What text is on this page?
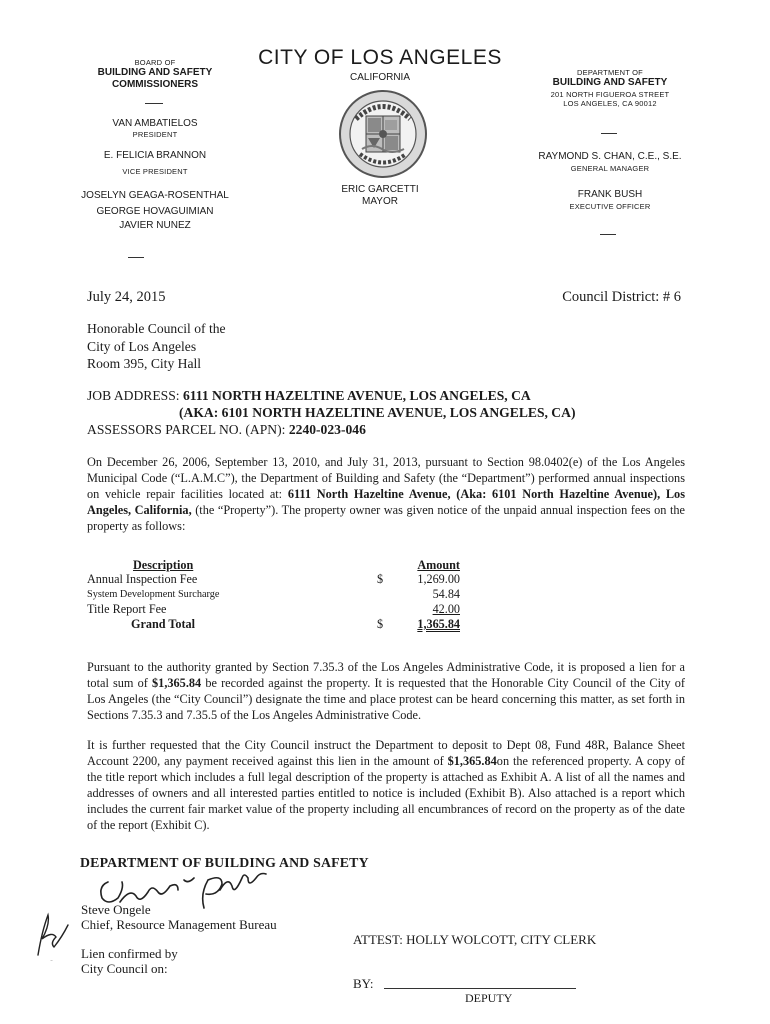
BOARD OF
BUILDING AND SAFETY
COMMISSIONERS
VAN AMBATIELOS
PRESIDENT
E. FELICIA BRANNON
VICE PRESIDENT
JOSELYN GEAGA-ROSENTHAL
GEORGE HOVAGUIMIAN
JAVIER NUNEZ
CITY OF LOS ANGELES
CALIFORNIA
ERIC GARCETTI
MAYOR
DEPARTMENT OF
BUILDING AND SAFETY
201 NORTH FIGUEROA STREET
LOS ANGELES, CA 90012
RAYMOND S. CHAN, C.E., S.E.
GENERAL MANAGER
FRANK BUSH
EXECUTIVE OFFICER
July 24, 2015	Council District: # 6
Honorable Council of the
City of Los Angeles
Room 395, City Hall
JOB ADDRESS: 6111 NORTH HAZELTINE AVENUE, LOS ANGELES, CA
(AKA: 6101 NORTH HAZELTINE AVENUE, LOS ANGELES, CA)
ASSESSORS PARCEL NO. (APN): 2240-023-046
On December 26, 2006, September 13, 2010, and July 31, 2013, pursuant to Section 98.0402(e) of the Los Angeles Municipal Code (“L.A.M.C”), the Department of Building and Safety (the “Department”) performed annual inspections on vehicle repair facilities located at: 6111 North Hazeltine Avenue, (Aka: 6101 North Hazeltine Avenue), Los Angeles, California, (the “Property”). The property owner was given notice of the unpaid annual inspection fees on the property as follows:
Description	Amount
Annual Inspection Fee	$	1,269.00
System Development Surcharge	54.84
Title Report Fee	42.00
Grand Total	$	1,365.84
Pursuant to the authority granted by Section 7.35.3 of the Los Angeles Administrative Code, it is proposed a lien for a total sum of $1,365.84 be recorded against the property. It is requested that the Honorable City Council of the City of Los Angeles (the “City Council”) designate the time and place protest can be heard concerning this matter, as set forth in Sections 7.35.3 and 7.35.5 of the Los Angeles Administrative Code.
It is further requested that the City Council instruct the Department to deposit to Dept 08, Fund 48R, Balance Sheet Account 2200, any payment received against this lien in the amount of $1,365.84on the referenced property. A copy of the title report which includes a full legal description of the property is attached as Exhibit A. A list of all the names and addresses of owners and all interested parties entitled to notice is included (Exhibit B). Also attached is a report which includes the current fair market value of the property including all encumbrances of record on the property as of the date of the report (Exhibit C).
DEPARTMENT OF BUILDING AND SAFETY
Steve Ongele
Chief, Resource Management Bureau
Lien confirmed by
City Council on:
ATTEST: HOLLY WOLCOTT, CITY CLERK
BY:
DEPUTY
